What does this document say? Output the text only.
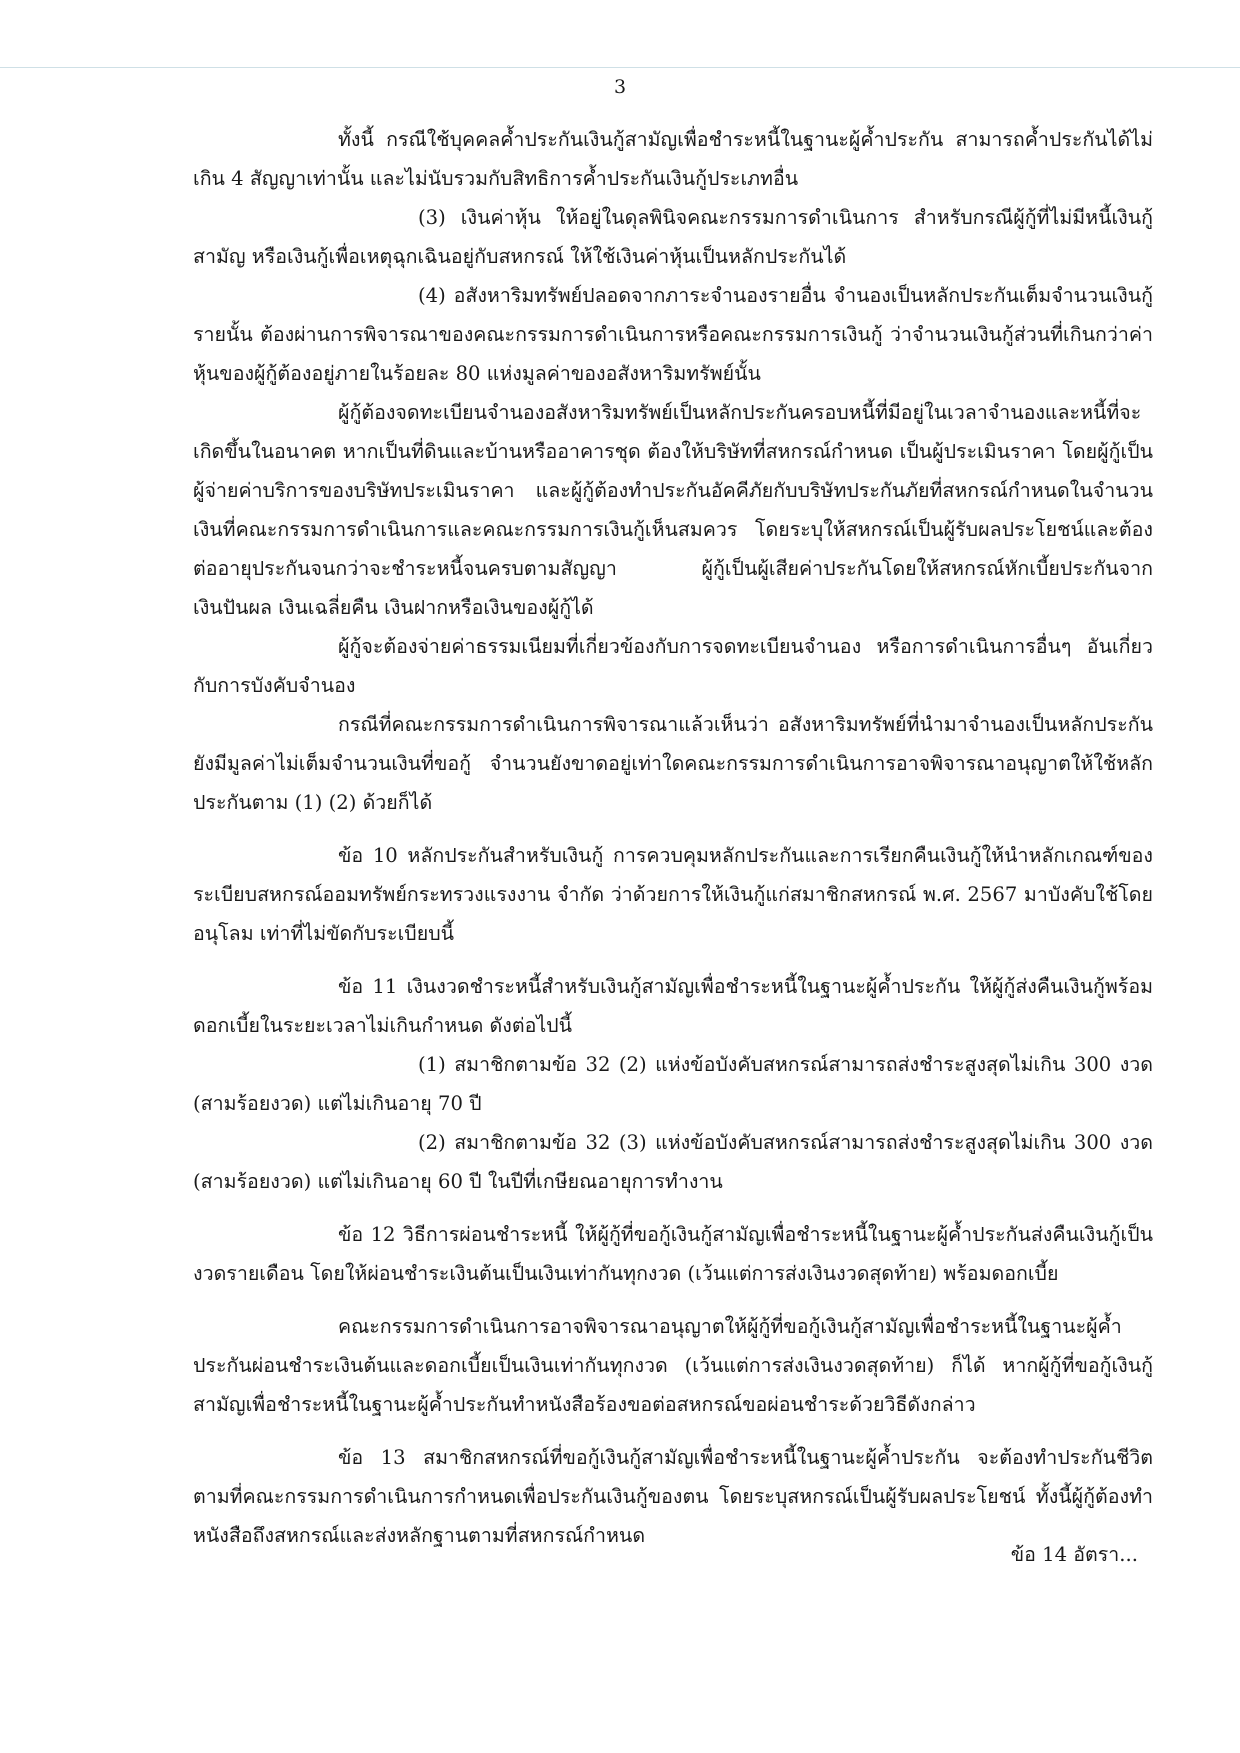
3

ทั้งนี้ กรณีใช้บุคคลค้ำประกันเงินกู้สามัญเพื่อชำระหนี้ในฐานะผู้ค้ำประกัน สามารถค้ำประกันได้ไม่เกิน 4 สัญญาเท่านั้น และไม่นับรวมกับสิทธิการค้ำประกันเงินกู้ประเภทอื่น

(3) เงินค่าหุ้น ให้อยู่ในดุลพินิจคณะกรรมการดำเนินการ สำหรับกรณีผู้กู้ที่ไม่มีหนี้เงินกู้สามัญ หรือเงินกู้เพื่อเหตุฉุกเฉินอยู่กับสหกรณ์ ให้ใช้เงินค่าหุ้นเป็นหลักประกันได้

(4) อสังหาริมทรัพย์ปลอดจากภาระจำนองรายอื่น จำนองเป็นหลักประกันเต็มจำนวนเงินกู้รายนั้น ต้องผ่านการพิจารณาของคณะกรรมการดำเนินการหรือคณะกรรมการเงินกู้ ว่าจำนวนเงินกู้ส่วนที่เกินกว่าค่าหุ้นของผู้กู้ต้องอยู่ภายในร้อยละ 80 แห่งมูลค่าของอสังหาริมทรัพย์นั้น

ผู้กู้ต้องจดทะเบียนจำนองอสังหาริมทรัพย์เป็นหลักประกันครอบหนี้ที่มีอยู่ในเวลาจำนองและหนี้ที่จะเกิดขึ้นในอนาคต หากเป็นที่ดินและบ้านหรืออาคารชุด ต้องให้บริษัทที่สหกรณ์กำหนด เป็นผู้ประเมินราคา โดยผู้กู้เป็นผู้จ่ายค่าบริการของบริษัทประเมินราคา และผู้กู้ต้องทำประกันอัคคีภัยกับบริษัทประกันภัยที่สหกรณ์กำหนดในจำนวนเงินที่คณะกรรมการดำเนินการและคณะกรรมการเงินกู้เห็นสมควร โดยระบุให้สหกรณ์เป็นผู้รับผลประโยชน์และต้องต่ออายุประกันจนกว่าจะชำระหนี้จนครบตามสัญญา ผู้กู้เป็นผู้เสียค่าประกันโดยให้สหกรณ์หักเบี้ยประกันจากเงินปันผล เงินเฉลี่ยคืน เงินฝากหรือเงินของผู้กู้ได้

ผู้กู้จะต้องจ่ายค่าธรรมเนียมที่เกี่ยวข้องกับการจดทะเบียนจำนอง หรือการดำเนินการอื่นๆ อันเกี่ยวกับการบังคับจำนอง

กรณีที่คณะกรรมการดำเนินการพิจารณาแล้วเห็นว่า อสังหาริมทรัพย์ที่นำมาจำนองเป็นหลักประกันยังมีมูลค่าไม่เต็มจำนวนเงินที่ขอกู้ จำนวนยังขาดอยู่เท่าใดคณะกรรมการดำเนินการอาจพิจารณาอนุญาตให้ใช้หลักประกันตาม (1) (2) ด้วยก็ได้

ข้อ 10 หลักประกันสำหรับเงินกู้ การควบคุมหลักประกันและการเรียกคืนเงินกู้ให้นำหลักเกณฑ์ของระเบียบสหกรณ์ออมทรัพย์กระทรวงแรงงาน จำกัด ว่าด้วยการให้เงินกู้แก่สมาชิกสหกรณ์ พ.ศ. 2567 มาบังคับใช้โดยอนุโลม เท่าที่ไม่ขัดกับระเบียบนี้

ข้อ 11 เงินงวดชำระหนี้สำหรับเงินกู้สามัญเพื่อชำระหนี้ในฐานะผู้ค้ำประกัน ให้ผู้กู้ส่งคืนเงินกู้พร้อมดอกเบี้ยในระยะเวลาไม่เกินกำหนด ดังต่อไปนี้

(1) สมาชิกตามข้อ 32 (2) แห่งข้อบังคับสหกรณ์สามารถส่งชำระสูงสุดไม่เกิน 300 งวด (สามร้อยงวด) แต่ไม่เกินอายุ 70 ปี

(2) สมาชิกตามข้อ 32 (3) แห่งข้อบังคับสหกรณ์สามารถส่งชำระสูงสุดไม่เกิน 300 งวด (สามร้อยงวด) แต่ไม่เกินอายุ 60 ปี ในปีที่เกษียณอายุการทำงาน

ข้อ 12 วิธีการผ่อนชำระหนี้ ให้ผู้กู้ที่ขอกู้เงินกู้สามัญเพื่อชำระหนี้ในฐานะผู้ค้ำประกันส่งคืนเงินกู้เป็นงวดรายเดือน โดยให้ผ่อนชำระเงินต้นเป็นเงินเท่ากันทุกงวด (เว้นแต่การส่งเงินงวดสุดท้าย) พร้อมดอกเบี้ย

คณะกรรมการดำเนินการอาจพิจารณาอนุญาตให้ผู้กู้ที่ขอกู้เงินกู้สามัญเพื่อชำระหนี้ในฐานะผู้ค้ำประกันผ่อนชำระเงินต้นและดอกเบี้ยเป็นเงินเท่ากันทุกงวด (เว้นแต่การส่งเงินงวดสุดท้าย) ก็ได้ หากผู้กู้ที่ขอกู้เงินกู้สามัญเพื่อชำระหนี้ในฐานะผู้ค้ำประกันทำหนังสือร้องขอต่อสหกรณ์ขอผ่อนชำระด้วยวิธีดังกล่าว

ข้อ 13 สมาชิกสหกรณ์ที่ขอกู้เงินกู้สามัญเพื่อชำระหนี้ในฐานะผู้ค้ำประกัน จะต้องทำประกันชีวิตตามที่คณะกรรมการดำเนินการกำหนดเพื่อประกันเงินกู้ของตน โดยระบุสหกรณ์เป็นผู้รับผลประโยชน์ ทั้งนี้ผู้กู้ต้องทำหนังสือถึงสหกรณ์และส่งหลักฐานตามที่สหกรณ์กำหนด

ข้อ 14 อัตรา...
